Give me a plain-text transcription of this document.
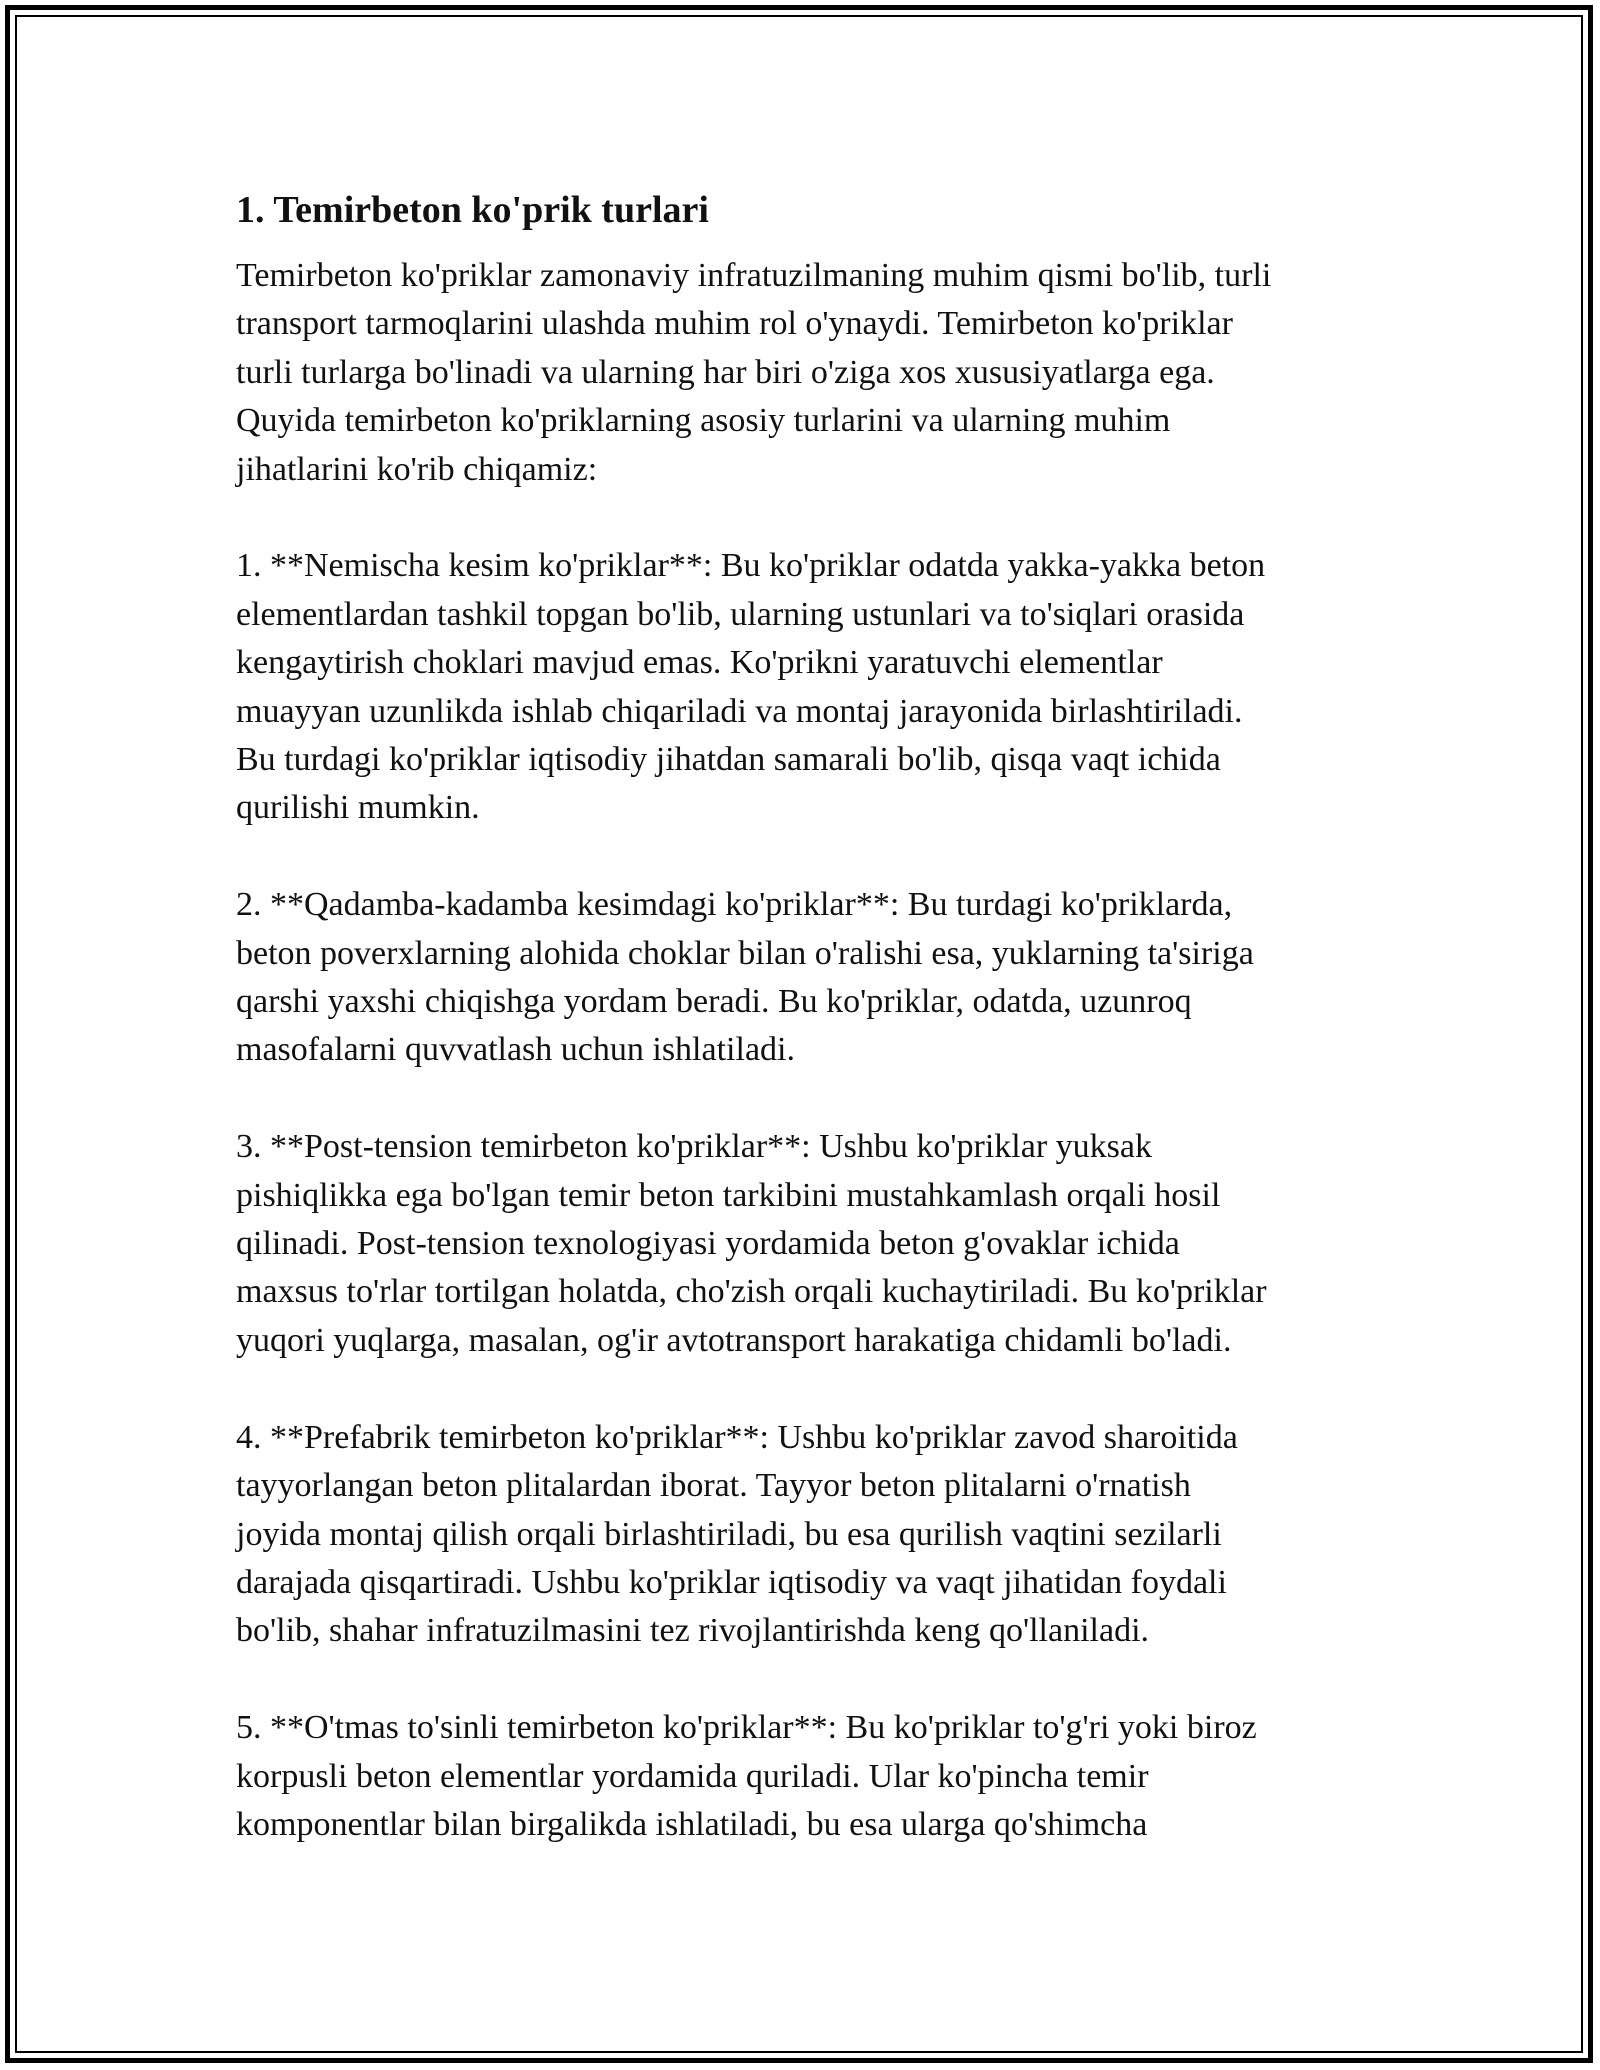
1. Temirbeton ko'prik turlari

Temirbeton ko'priklar zamonaviy infratuzilmaning muhim qismi bo'lib, turli
transport tarmoqlarini ulashda muhim rol o'ynaydi. Temirbeton ko'priklar
turli turlarga bo'linadi va ularning har biri o'ziga xos xususiyatlarga ega.
Quyida temirbeton ko'priklarning asosiy turlarini va ularning muhim
jihatlarini ko'rib chiqamiz:

1. **Nemischa kesim ko'priklar**: Bu ko'priklar odatda yakka-yakka beton
elementlardan tashkil topgan bo'lib, ularning ustunlari va to'siqlari orasida
kengaytirish choklari mavjud emas. Ko'prikni yaratuvchi elementlar
muayyan uzunlikda ishlab chiqariladi va montaj jarayonida birlashtiriladi.
Bu turdagi ko'priklar iqtisodiy jihatdan samarali bo'lib, qisqa vaqt ichida
qurilishi mumkin.

2. **Qadamba-kadamba kesimdagi ko'priklar**: Bu turdagi ko'priklarda,
beton poverxlarning alohida choklar bilan o'ralishi esa, yuklarning ta'siriga
qarshi yaxshi chiqishga yordam beradi. Bu ko'priklar, odatda, uzunroq
masofalarni quvvatlash uchun ishlatiladi.

3. **Post-tension temirbeton ko'priklar**: Ushbu ko'priklar yuksak
pishiqlikka ega bo'lgan temir beton tarkibini mustahkamlash orqali hosil
qilinadi. Post-tension texnologiyasi yordamida beton g'ovaklar ichida
maxsus to'rlar tortilgan holatda, cho'zish orqali kuchaytiriladi. Bu ko'priklar
yuqori yuqlarga, masalan, og'ir avtotransport harakatiga chidamli bo'ladi.

4. **Prefabrik temirbeton ko'priklar**: Ushbu ko'priklar zavod sharoitida
tayyorlangan beton plitalardan iborat. Tayyor beton plitalarni o'rnatish
joyida montaj qilish orqali birlashtiriladi, bu esa qurilish vaqtini sezilarli
darajada qisqartiradi. Ushbu ko'priklar iqtisodiy va vaqt jihatidan foydali
bo'lib, shahar infratuzilmasini tez rivojlantirishda keng qo'llaniladi.

5. **O'tmas to'sinli temirbeton ko'priklar**: Bu ko'priklar to'g'ri yoki biroz
korpusli beton elementlar yordamida quriladi. Ular ko'pincha temir
komponentlar bilan birgalikda ishlatiladi, bu esa ularga qo'shimcha
